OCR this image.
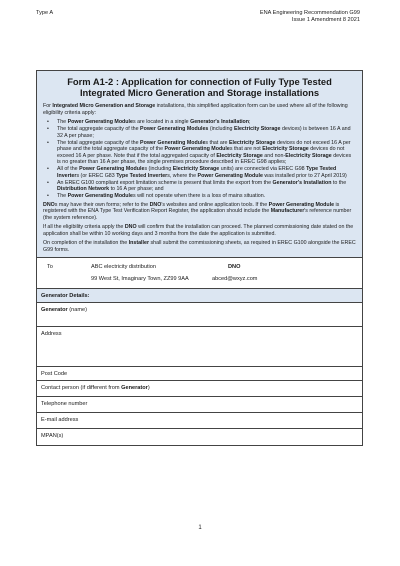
Type A	ENA Engineering Recommendation G99
Issue 1 Amendment 8 2021
Form A1-2 : Application for connection of Fully Type Tested
Integrated Micro Generation and Storage installations

For Integrated Micro Generation and Storage installations, this simplified application form can be used where all of the following eligibility criteria apply:

• The Power Generating Modules are located in a single Generator's Installation;
• The total aggregate capacity of the Power Generating Modules (including Electricity Storage devices) is between 16 A and 32 A per phase;
• The total aggregate capacity of the Power Generating Modules that are Electricity Storage devices do not exceed 16 A per phase and the total aggregate capacity of the Power Generating Modules that are not Electricity Storage devices do not exceed 16 A per phase. Note that if the total aggregated capacity of Electricity Storage and non-Electricity Storage devices is no greater than 16 A per phase, the single premises procedure described in EREC G98 applies;
• All of the Power Generating Modules (including Electricity Storage units) are connected via EREC G98 Type Tested Inverters (or EREC G83 Type Tested Inverters, where the Power Generating Module was installed prior to 27 April 2019)
• An EREC G100 compliant export limitation scheme is present that limits the export from the Generator's Installation to the Distribution Network to 16 A per phase; and
• The Power Generating Modules will not operate when there is a loss of mains situation.

DNOs may have their own forms; refer to the DNO's websites and online application tools. If the Power Generating Module is registered with the ENA Type Test Verification Report Register, the application should include the Manufacturer's reference number (the system reference).

If all the eligibility criteria apply the DNO will confirm that the installation can proceed. The planned commissioning date stated on the application shall be within 10 working days and 3 months from the date the application is submitted.

On completion of the installation the Installer shall submit the commissioning sheets, as required in EREC G100 alongside the EREC G99 forms.

To	ABC electricity distribution
99 West St, Imaginary Town, ZZ99 9AA
DNO
abced@wxyz.com
Generator Details:
Generator (name)
Address
Post Code
Contact person (if different from Generator)
Telephone number
E-mail address
MPAN(s)
1
